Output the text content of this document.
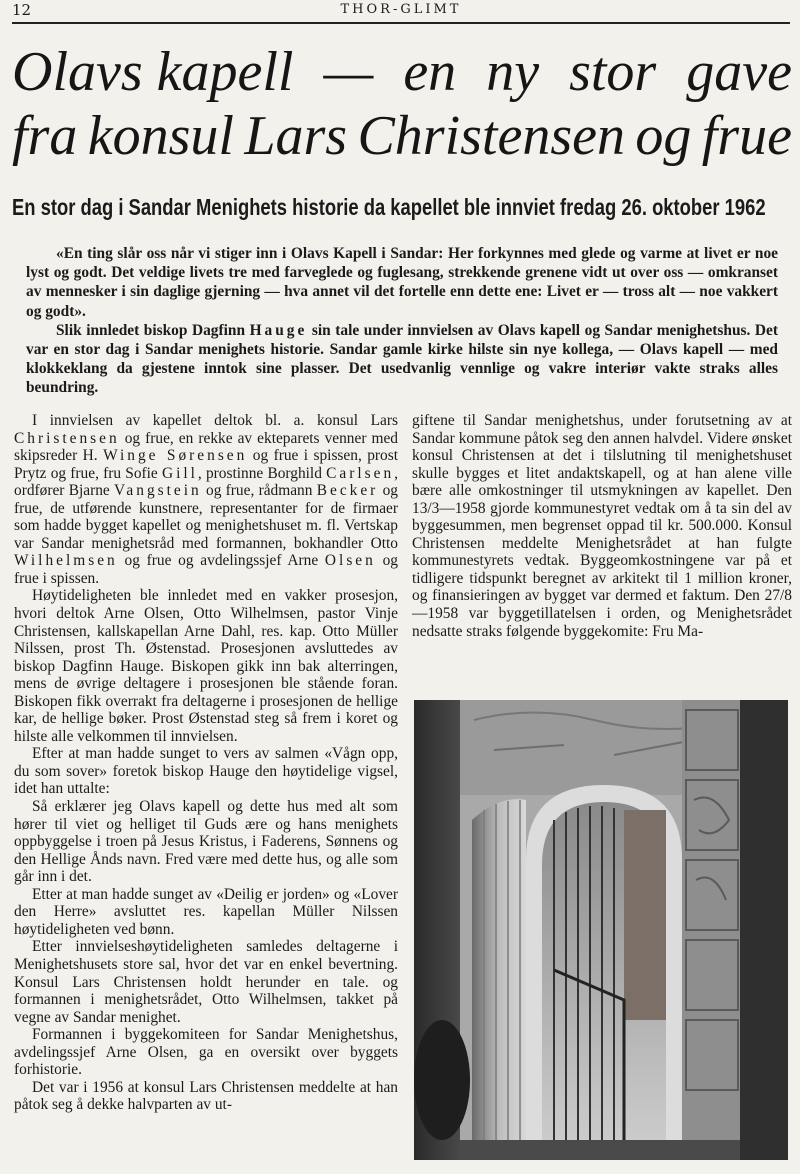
12	THOR-GLIMT
Olavs kapell — en ny stor gave
fra konsul Lars Christensen og frue
En stor dag i Sandar Menighets historie da kapellet ble innviet fredag 26. oktober 1962

«En ting slår oss når vi stiger inn i Olavs Kapell i Sandar: Her forkynnes med glede og varme at livet er noe lyst og godt. Det veldige livets tre med farveglede og fuglesang, strekkende grenene vidt ut over oss — omkranset av mennesker i sin daglige gjerning — hva annet vil det fortelle enn dette ene: Livet er — tross alt — noe vakkert og godt».

Slik innledet biskop Dagfinn Hauge sin tale under innvielsen av Olavs kapell og Sandar menighetshus. Det var en stor dag i Sandar menighets historie. Sandar gamle kirke hilste sin nye kollega, — Olavs kapell — med klokkeklang da gjestene inntok sine plasser. Det usedvanlig vennlige og vakre interiør vakte straks alles beundring.

I innvielsen av kapellet deltok bl. a. konsul Lars Christensen og frue, en rekke av ekteparets venner med skipsreder H. Winge Sørensen og frue i spissen, prost Prytz og frue, fru Sofie Gill, prostinne Borghild Carlsen, ordfører Bjarne Vangstein og frue, rådmann Becker og frue, de utførende kunstnere, representanter for de firmaer som hadde bygget kapellet og menighetshuset m. fl. Vertskap var Sandar menighetsråd med formannen, bokhandler Otto Wilhelmsen og frue og avdelingssjef Arne Olsen og frue i spissen.

Høytideligheten ble innledet med en vakker prosesjon, hvori deltok Arne Olsen, Otto Wilhelmsen, pastor Vinje Christensen, kallskapellan Arne Dahl, res. kap. Otto Müller Nilssen, prost Th. Østenstad. Prosesjonen avsluttedes av biskop Dagfinn Hauge. Biskopen gikk inn bak alterringen, mens de øvrige deltagere i prosesjonen ble stående foran. Biskopen fikk overrakt fra deltagerne i prosesjonen de hellige kar, de hellige bøker. Prost Østenstad steg så frem i koret og hilste alle velkommen til innvielsen.

Efter at man hadde sunget to vers av salmen «Vågn opp, du som sover» foretok biskop Hauge den høytidelige vigsel, idet han uttalte:

Så erklærer jeg Olavs kapell og dette hus med alt som hører til viet og helliget til Guds ære og hans menighets oppbyggelse i troen på Jesus Kristus, i Faderens, Sønnens og den Hellige Ånds navn. Fred være med dette hus, og alle som går inn i det.

Etter at man hadde sunget av «Deilig er jorden» og «Lover den Herre» avsluttet res. kapellan Müller Nilssen høytideligheten ved bønn.

Etter innvielseshøytideligheten samledes deltagerne i Menighetshusets store sal, hvor det var en enkel bevertning. Konsul Lars Christensen holdt herunder en tale. og formannen i menighetsrådet, Otto Wilhelmsen, takket på vegne av Sandar menighet.

Formannen i byggekomiteen for Sandar Menighetshus, avdelingssjef Arne Olsen, ga en oversikt over byggets forhistorie.

Det var i 1956 at konsul Lars Christensen meddelte at han påtok seg å dekke halvparten av ut-

giftene til Sandar menighetshus, under forutsetning av at Sandar kommune påtok seg den annen halvdel. Videre ønsket konsul Christensen at det i tilslutning til menighetshuset skulle bygges et litet andaktskapell, og at han alene ville bære alle omkostninger til utsmykningen av kapellet. Den 13/3—1958 gjorde kommunestyret vedtak om å ta sin del av byggesummen, men begrenset oppad til kr. 500.000. Konsul Christensen meddelte Menighetsrådet at han fulgte kommunestyrets vedtak. Byggeomkostningene var på et tidligere tidspunkt beregnet av arkitekt til 1 million kroner, og finansieringen av bygget var dermed et faktum. Den 27/8—1958 var byggetillatelsen i orden, og Menighetsrådet nedsatte straks følgende byggekomite: Fru Ma-
